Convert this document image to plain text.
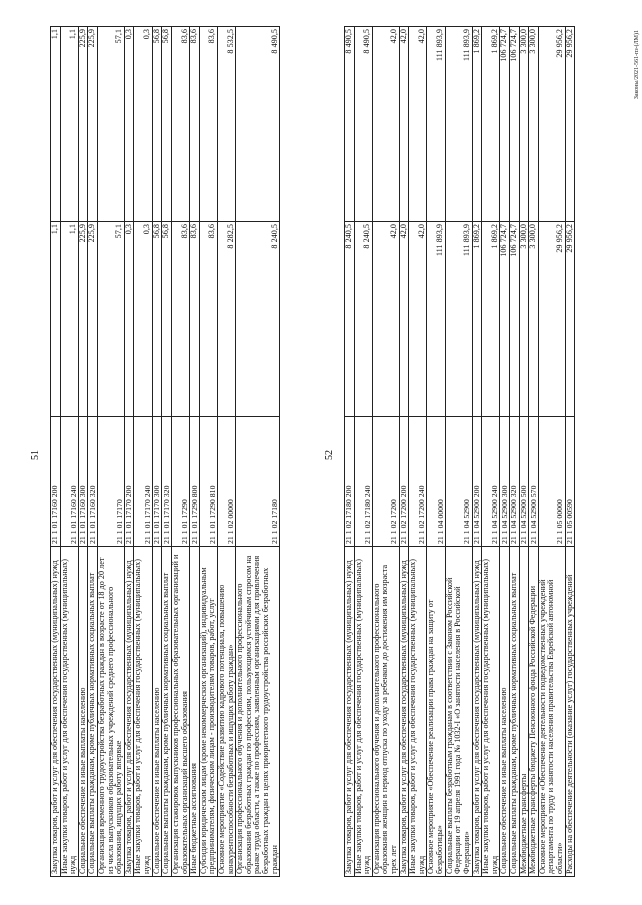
51
Закупка товаров, работ и услуг для обеспечения государственных (муниципальных) нужд	21 1 01 17160 200	1,1	1,1
Иные закупки товаров, работ и услуг для обеспечения государственных (муниципальных) нужд	21 1 01 17160 240	1,1	1,1
Социальное обеспечение и иные выплаты населению	21 1 01 17160 300	225,9	225,9
Социальные выплаты гражданам, кроме публичных нормативных социальных выплат	21 1 01 17160 320	225,9	225,9
Организация временного трудоустройства безработных граждан в возрасте от 18 до 20 лет из числа выпускников образовательных учреждений среднего профессионального образования, ищущих работу впервые	21 1 01 17170	57,1	57,1
Закупка товаров, работ и услуг для обеспечения государственных (муниципальных) нужд	21 1 01 17170 200	0,3	0,3
Иные закупки товаров, работ и услуг для обеспечения государственных (муниципальных) нужд	21 1 01 17170 240	0,3	0,3
Социальное обеспечение и иные выплаты населению	21 1 01 17170 300	56,8	56,8
Социальные выплаты гражданам, кроме публичных нормативных социальных выплат	21 1 01 17170 320	56,8	56,8
Организация стажировок выпускников профессиональных образовательных организаций и образовательных организаций высшего образования	21 1 01 17290	83,6	83,6
Иные бюджетные ассигнования	21 1 01 17290 800	83,6	83,6
Субсидии юридическим лицам (кроме некоммерческих организаций), индивидуальным предпринимателям, физическим лицам - производителям товаров, работ, услуг	21 1 01 17290 810	83,6	83,6
Основное мероприятие «Содействие развитию кадрового потенциала, повышению конкурентоспособности безработных и ищущих работу граждан»	21 1 02 00000	8 282,5	8 532,5
Организация профессионального обучения и дополнительного профессионального образования безработных граждан по профессиям, пользующимся устойчивым спросом на рынке труда области, а также по профессиям, заявленным организациями для привлечения безработных граждан в целях приоритетного трудоустройства российских безработных граждан	21 1 02 17180	8 240,5	8 490,5
52
Закупка товаров, работ и услуг для обеспечения государственных (муниципальных) нужд	21 1 02 17180 200	8 240,5	8 490,5
Иные закупки товаров, работ и услуг для обеспечения государственных (муниципальных) нужд	21 1 02 17180 240	8 240,5	8 490,5
Организация профессионального обучения и дополнительного профессионального образования женщин в период отпуска по уходу за ребенком до достижения им возраста трех лет	21 1 02 17200	42,0	42,0
Закупка товаров, работ и услуг для обеспечения государственных (муниципальных) нужд	21 1 02 17200 200	42,0	42,0
Иные закупки товаров, работ и услуг для обеспечения государственных (муниципальных) нужд	21 1 02 17200 240	42,0	42,0
Основное мероприятие «Обеспечение реализации права граждан на защиту от безработицы»	21 1 04 00000	111 893,9	111 893,9
Социальные выплаты безработным гражданам в соответствии с Законом Российской Федерации от 19 апреля 1991 года № 1032-I «О занятости населения в Российской Федерации»	21 1 04 52900	111 893,9	111 893,9
Закупка товаров, работ и услуг для обеспечения государственных (муниципальных) нужд	21 1 04 52900 200	1 869,2	1 869,2
Иные закупки товаров, работ и услуг для обеспечения государственных (муниципальных) нужд	21 1 04 52900 240	1 869,2	1 869,2
Социальное обеспечение и иные выплаты населению	21 1 04 52900 300	106 724,7	106 724,7
Социальные выплаты гражданам, кроме публичных нормативных социальных выплат	21 1 04 52900 320	106 724,7	106 724,7
Межбюджетные трансферты	21 1 04 52900 500	3 300,0	3 300,0
Межбюджетные трансферты бюджету Пенсионного фонда Российской Федерации	21 1 04 52900 570	3 300,0	3 300,0
Основное мероприятие «Обеспечение деятельности подведомственных учреждений департамента по труду и занятости населения правительства Еврейской автономной области»	21 1 05 00000	29 956,2	29 956,2
Расходы на обеспечение деятельности (оказание услуг) государственных учреждений	21 1 05 00590	29 956,2	29 956,2	Законы/2021-561-пз-(ЛМ)1
